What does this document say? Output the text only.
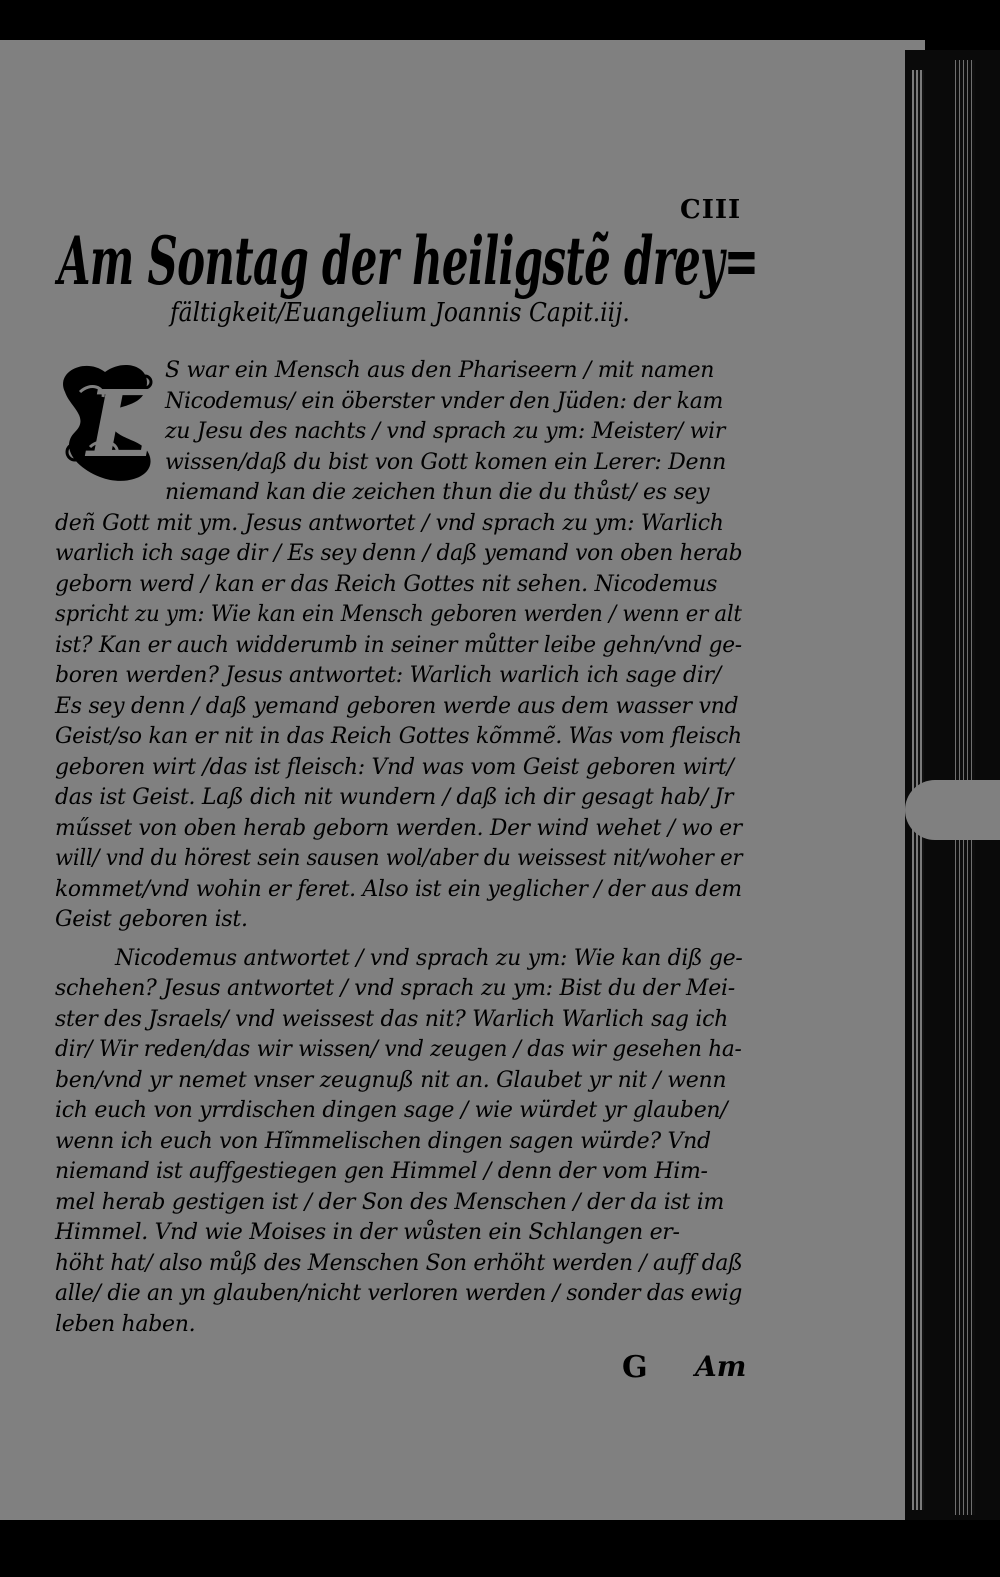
CIII
Am Sontag der heiligstẽ drey=
fältigkeit/Euangelium Joannis Capit.iij.
E S war ein Mensch aus den Phariseern / mit namen
Nicodemus/ ein öberster vnder den Jüden: der kam
zu Jesu des nachts / vnd sprach zu ym: Meister/ wir
wissen/daß du bist von Gott komen ein Lerer: Denn
niemand kan die zeichen thun die du thůst/ es sey
deñ Gott mit ym. Jesus antwortet / vnd sprach zu ym: Warlich
warlich ich sage dir / Es sey denn / daß yemand von oben herab
geborn werd / kan er das Reich Gottes nit sehen. Nicodemus
spricht zu ym: Wie kan ein Mensch geboren werden / wenn er alt
ist? Kan er auch widderumb in seiner můtter leibe gehn/vnd ge-
boren werden? Jesus antwortet: Warlich warlich ich sage dir/
Es sey denn / daß yemand geboren werde aus dem wasser vnd
Geist/so kan er nit in das Reich Gottes kõmmẽ. Was vom fleisch
geboren wirt /das ist fleisch: Vnd was vom Geist geboren wirt/
das ist Geist. Laß dich nit wundern / daß ich dir gesagt hab/ Jr
műsset von oben herab geborn werden. Der wind wehet / wo er
will/ vnd du hörest sein sausen wol/aber du weissest nit/woher er
kommet/vnd wohin er feret. Also ist ein yeglicher / der aus dem
Geist geboren ist.
Nicodemus antwortet / vnd sprach zu ym: Wie kan diß ge-
schehen? Jesus antwortet / vnd sprach zu ym: Bist du der Mei-
ster des Jsraels/ vnd weissest das nit? Warlich Warlich sag ich
dir/ Wir reden/das wir wissen/ vnd zeugen / das wir gesehen ha-
ben/vnd yr nemet vnser zeugnuß nit an. Glaubet yr nit / wenn
ich euch von yrrdischen dingen sage / wie würdet yr glauben/
wenn ich euch von Hĩmmelischen dingen sagen würde? Vnd
niemand ist auffgestiegen gen Himmel / denn der vom Him-
mel herab gestigen ist / der Son des Menschen / der da ist im
Himmel. Vnd wie Moises in der wůsten ein Schlangen er-
höht hat/ also můß des Menschen Son erhöht werden / auff daß
alle/ die an yn glauben/nicht verloren werden / sonder das ewig
leben haben.
G Am
